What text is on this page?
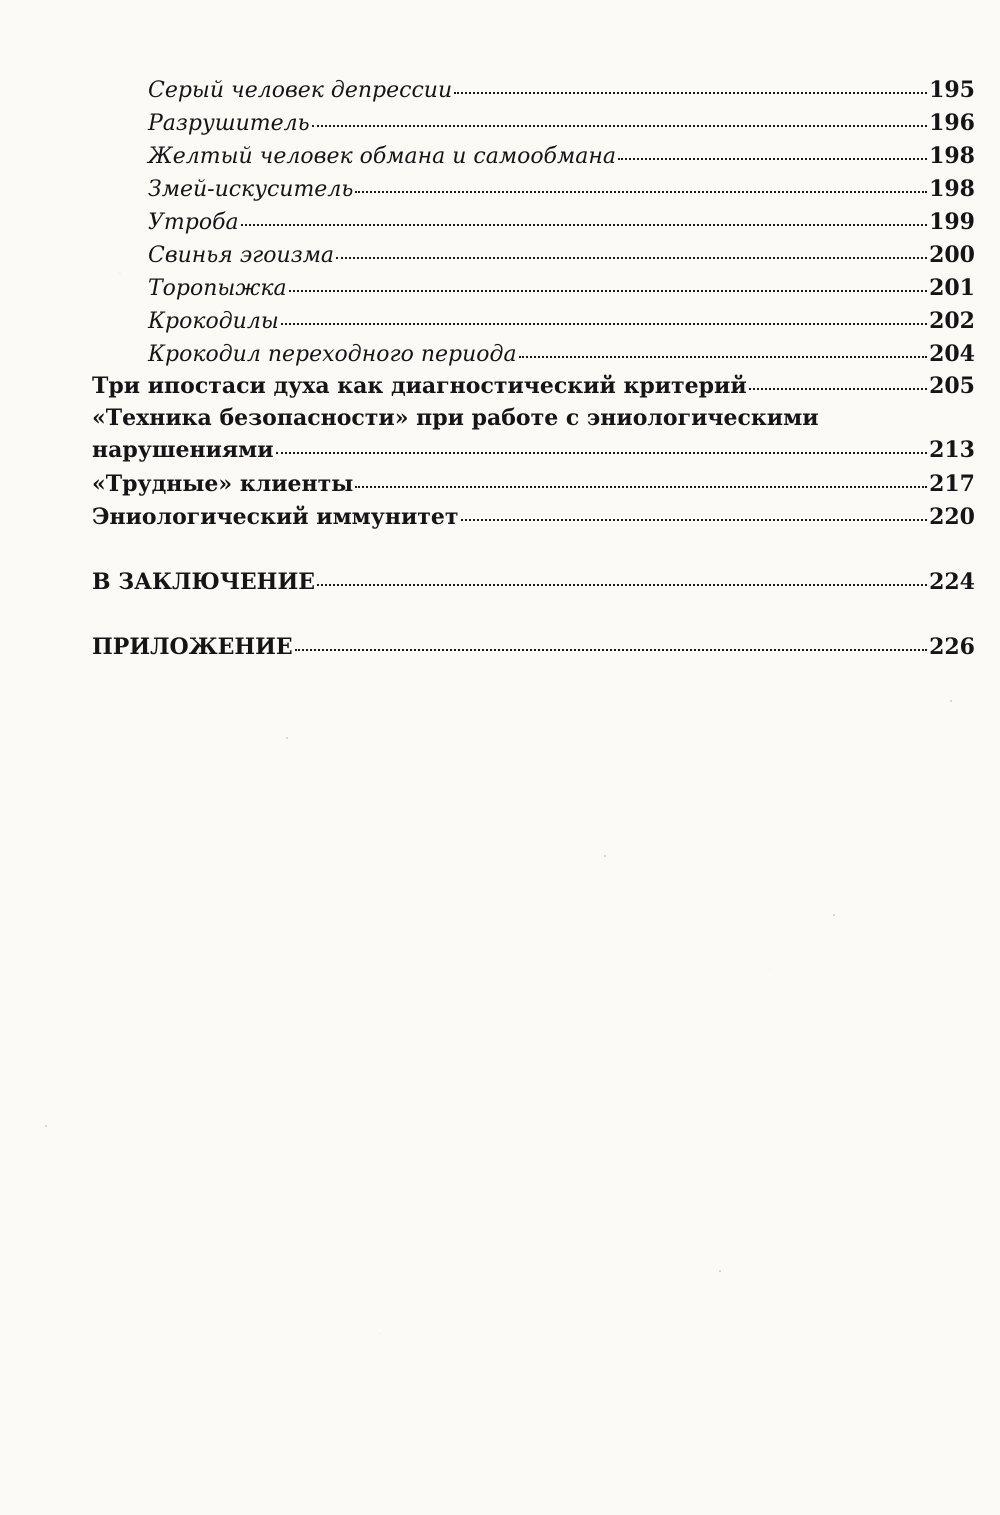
Серый человек депрессии	195
Разрушитель	196
Желтый человек обмана и самообмана	198
Змей-искуситель	198
Утроба	199
Свинья эгоизма	200
Торопыжка	201
Крокодилы	202
Крокодил переходного периода	204
Три ипостаси духа как диагностический критерий	205
«Техника безопасности» при работе с эниологическими
нарушениями	213
«Трудные» клиенты	217
Эниологический иммунитет	220
В ЗАКЛЮЧЕНИЕ	224
ПРИЛОЖЕНИЕ	226
